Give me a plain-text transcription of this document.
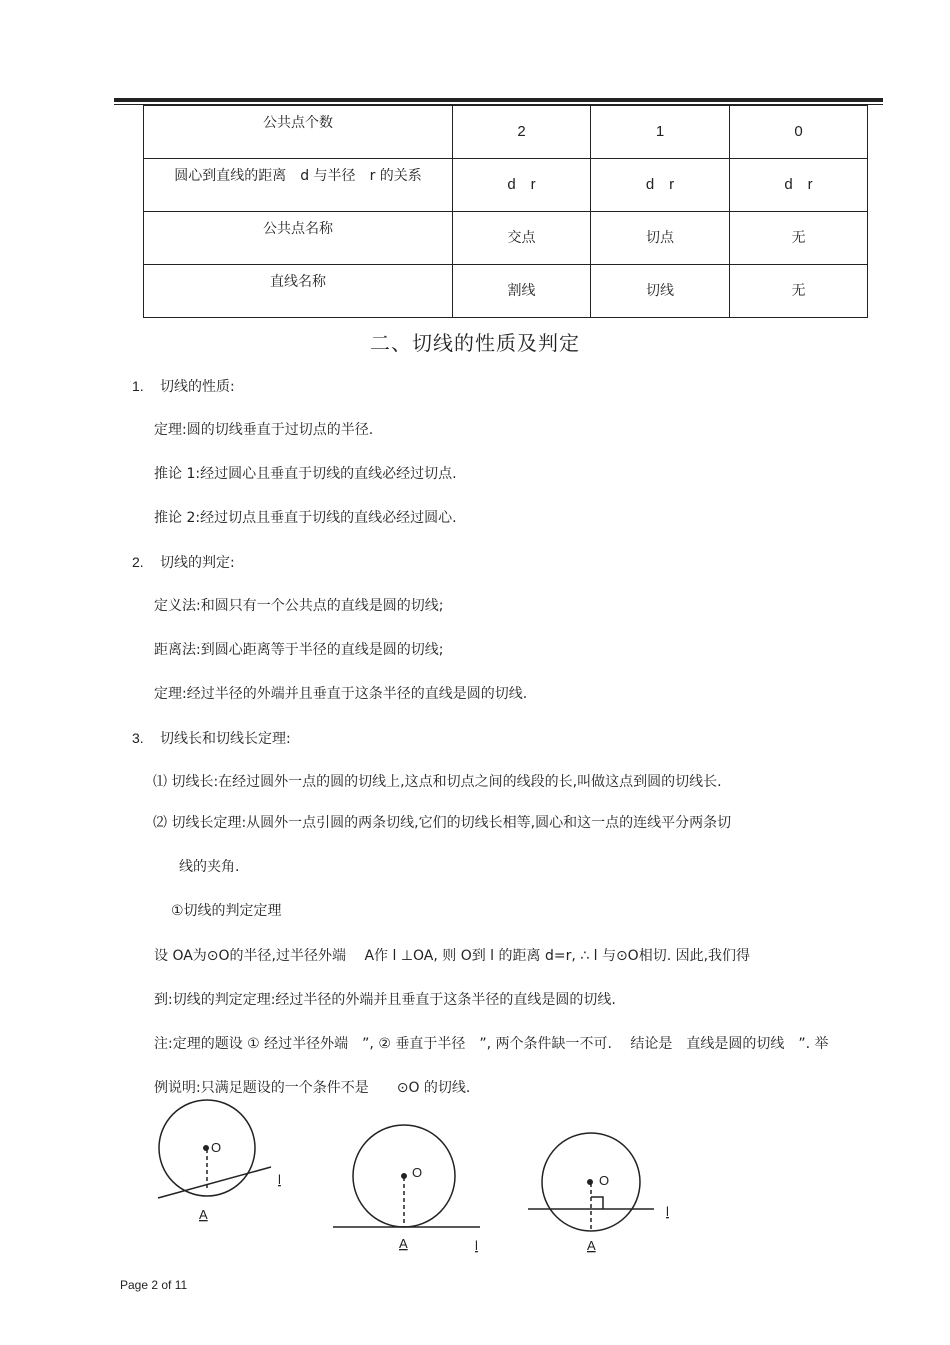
公共点个数	2	1	0
圆心到直线的距离 d 与半径 r 的关系	d　r	d　r	d　r
公共点名称	交点	切点	无
直线名称	割线	切线	无
二、切线的性质及判定
1. 切线的性质:
定理:圆的切线垂直于过切点的半径.
推论 1:经过圆心且垂直于切线的直线必经过切点.
推论 2:经过切点且垂直于切线的直线必经过圆心.
2. 切线的判定:
定义法:和圆只有一个公共点的直线是圆的切线;
距离法:到圆心距离等于半径的直线是圆的切线;
定理:经过半径的外端并且垂直于这条半径的直线是圆的切线.
3. 切线长和切线长定理:
⑴ 切线长:在经过圆外一点的圆的切线上,这点和切点之间的线段的长,叫做这点到圆的切线长.
⑵ 切线长定理:从圆外一点引圆的两条切线,它们的切线长相等,圆心和这一点的连线平分两条切
线的夹角.
①切线的判定定理
设 OA为⊙O的半径,过半径外端　 A作 l ⊥OA, 则 O到 l 的距离 d=r, ∴ l 与⊙O相切. 因此,我们得
到:切线的判定定理:经过半径的外端并且垂直于这条半径的直线是圆的切线.
注:定理的题设 ① 经过半径外端　”, ② 垂直于半径　”, 两个条件缺一不可.　 结论是　直线是圆的切线　”. 举
例说明:只满足题设的一个条件不是　　⊙O 的切线.
O
A
l	O
A	l
O
A
l
Page 2 of 11
